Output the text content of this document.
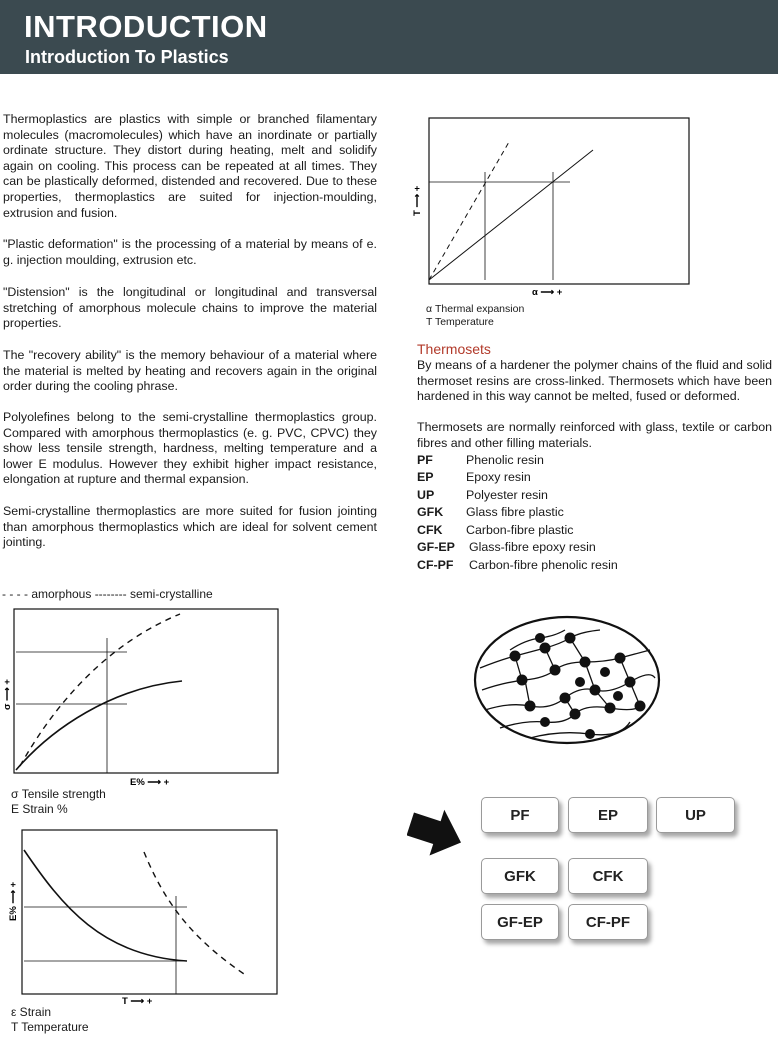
INTRODUCTION
Introduction To Plastics

Thermoplastics are plastics with simple or branched filamentary molecules (macromolecules) which have an inordinate or partially ordinate structure. They distort during heating, melt and solidify again on cooling. This process can be repeated at all times. They can be plastically deformed, distended and recovered. Due to these properties, thermoplastics are suited for injection-moulding, extrusion and fusion.

"Plastic deformation" is the processing of a material by means of e. g. injection moulding, extrusion etc.

"Distension" is the longitudinal or longitudinal and transversal stretching of amorphous molecule chains to improve the material properties.

The "recovery ability" is the memory behaviour of a material where the material is melted by heating and recovers again in the original order during the cooling phrase.

Polyolefines belong to the semi-crystalline thermoplastics group. Compared with amorphous thermoplastics (e. g. PVC, CPVC) they show less tensile strength, hardness, melting temperature and a lower E modulus. However they exhibit higher impact resistance, elongation at rupture and thermal expansion.

Semi-crystalline thermoplastics are more suited for fusion jointing than amorphous thermoplastics which are ideal for solvent cement jointing.

- - - - amorphous -------- semi-crystalline
T ⟶ +
α ⟶ +
α Thermal expansion
T Temperature
σ ⟶ +
E% ⟶ +
σ Tensile strength
E Strain %
E% ⟶ +
T ⟶ +
ε Strain
T Temperature
Thermosets

By means of a hardener the polymer chains of the fluid and solid thermoset resins are cross-linked. Thermosets which have been hardened in this way cannot be melted, fused or deformed.

Thermosets are normally reinforced with glass, textile or carbon fibres and other filling materials.

PF	Phenolic resin
EP	Epoxy resin
UP	Polyester resin
GFK Glass fibre plastic
CFK Carbon-fibre plastic
GF-EP Glass-fibre epoxy resin
CF-PF Carbon-fibre phenolic resin
PF	EP	UP
GFK	CFK
GF-EP	CF-PF
